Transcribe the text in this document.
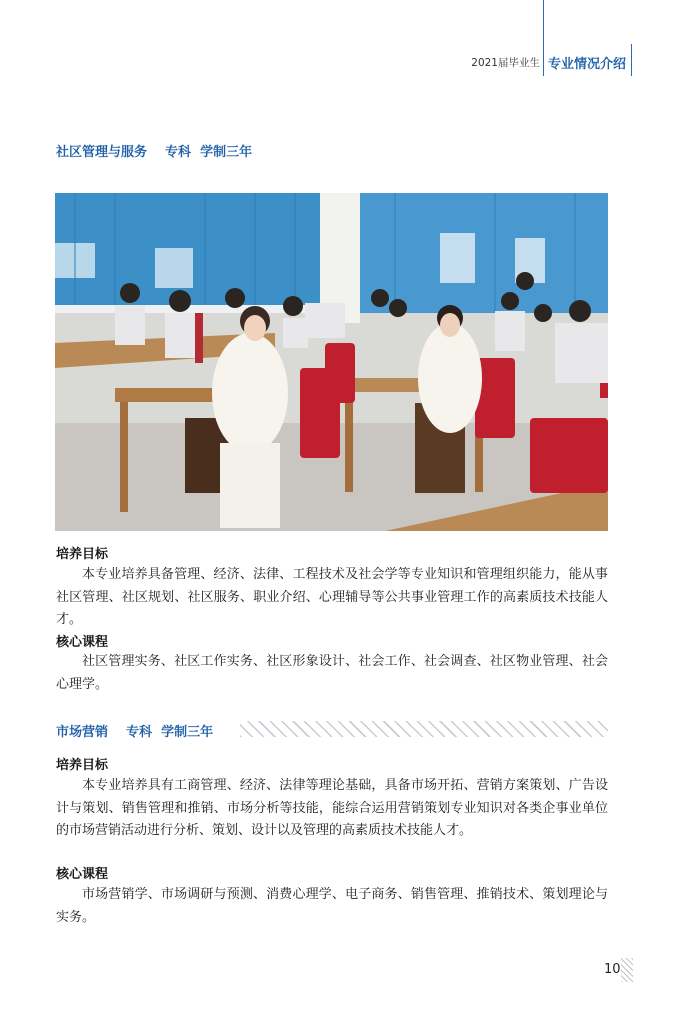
2021届毕业生 专业情况介绍
社区管理与服务 专科 学制三年
培养目标

本专业培养具备管理、经济、法律、工程技术及社会学等专业知识和管理组织能力，能从事社区管理、社区规划、社区服务、职业介绍、心理辅导等公共事业管理工作的高素质技术技能人才。

核心课程

社区管理实务、社区工作实务、社区形象设计、社会工作、社会调查、社区物业管理、社会心理学。

市场营销 专科 学制三年
培养目标

本专业培养具有工商管理、经济、法律等理论基础，具备市场开拓、营销方案策划、广告设计与策划、销售管理和推销、市场分析等技能，能综合运用营销策划专业知识对各类企事业单位的市场营销活动进行分析、策划、设计以及管理的高素质技术技能人才。

核心课程

市场营销学、市场调研与预测、消费心理学、电子商务、销售管理、推销技术、策划理论与实务。

10
